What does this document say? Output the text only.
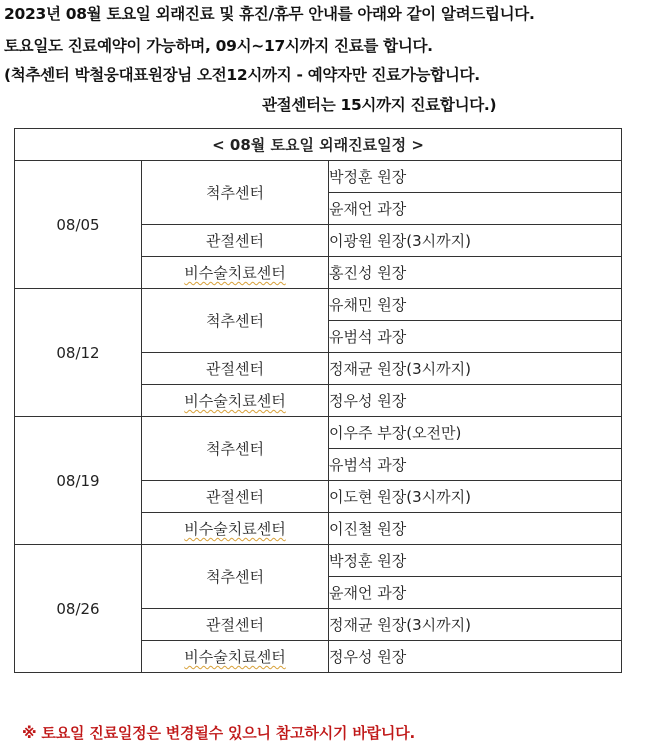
2023년 08월 토요일 외래진료 및 휴진/휴무 안내를 아래와 같이 알려드립니다.
토요일도 진료예약이 가능하며, 09시~17시까지 진료를 합니다.
(척추센터 박철웅대표원장님 오전12시까지 - 예약자만 진료가능합니다.
관절센터는 15시까지 진료합니다.)
< 08월 토요일 외래진료일정 >		
08/05	척추센터	박정훈 원장
		윤재언 과장
	관절센터	이광원 원장(3시까지)
	비수술치료센터	홍진성 원장
08/12	척추센터	유채민 원장
		유범석 과장
	관절센터	정재균 원장(3시까지)
	비수술치료센터	정우성 원장
08/19	척추센터	이우주 부장(오전만)
		유범석 과장
	관절센터	이도현 원장(3시까지)
	비수술치료센터	이진철 원장
08/26	척추센터	박정훈 원장
		윤재언 과장
	관절센터	정재균 원장(3시까지)
	비수술치료센터	정우성 원장
※ 토요일 진료일정은 변경될수 있으니 참고하시기 바랍니다.
